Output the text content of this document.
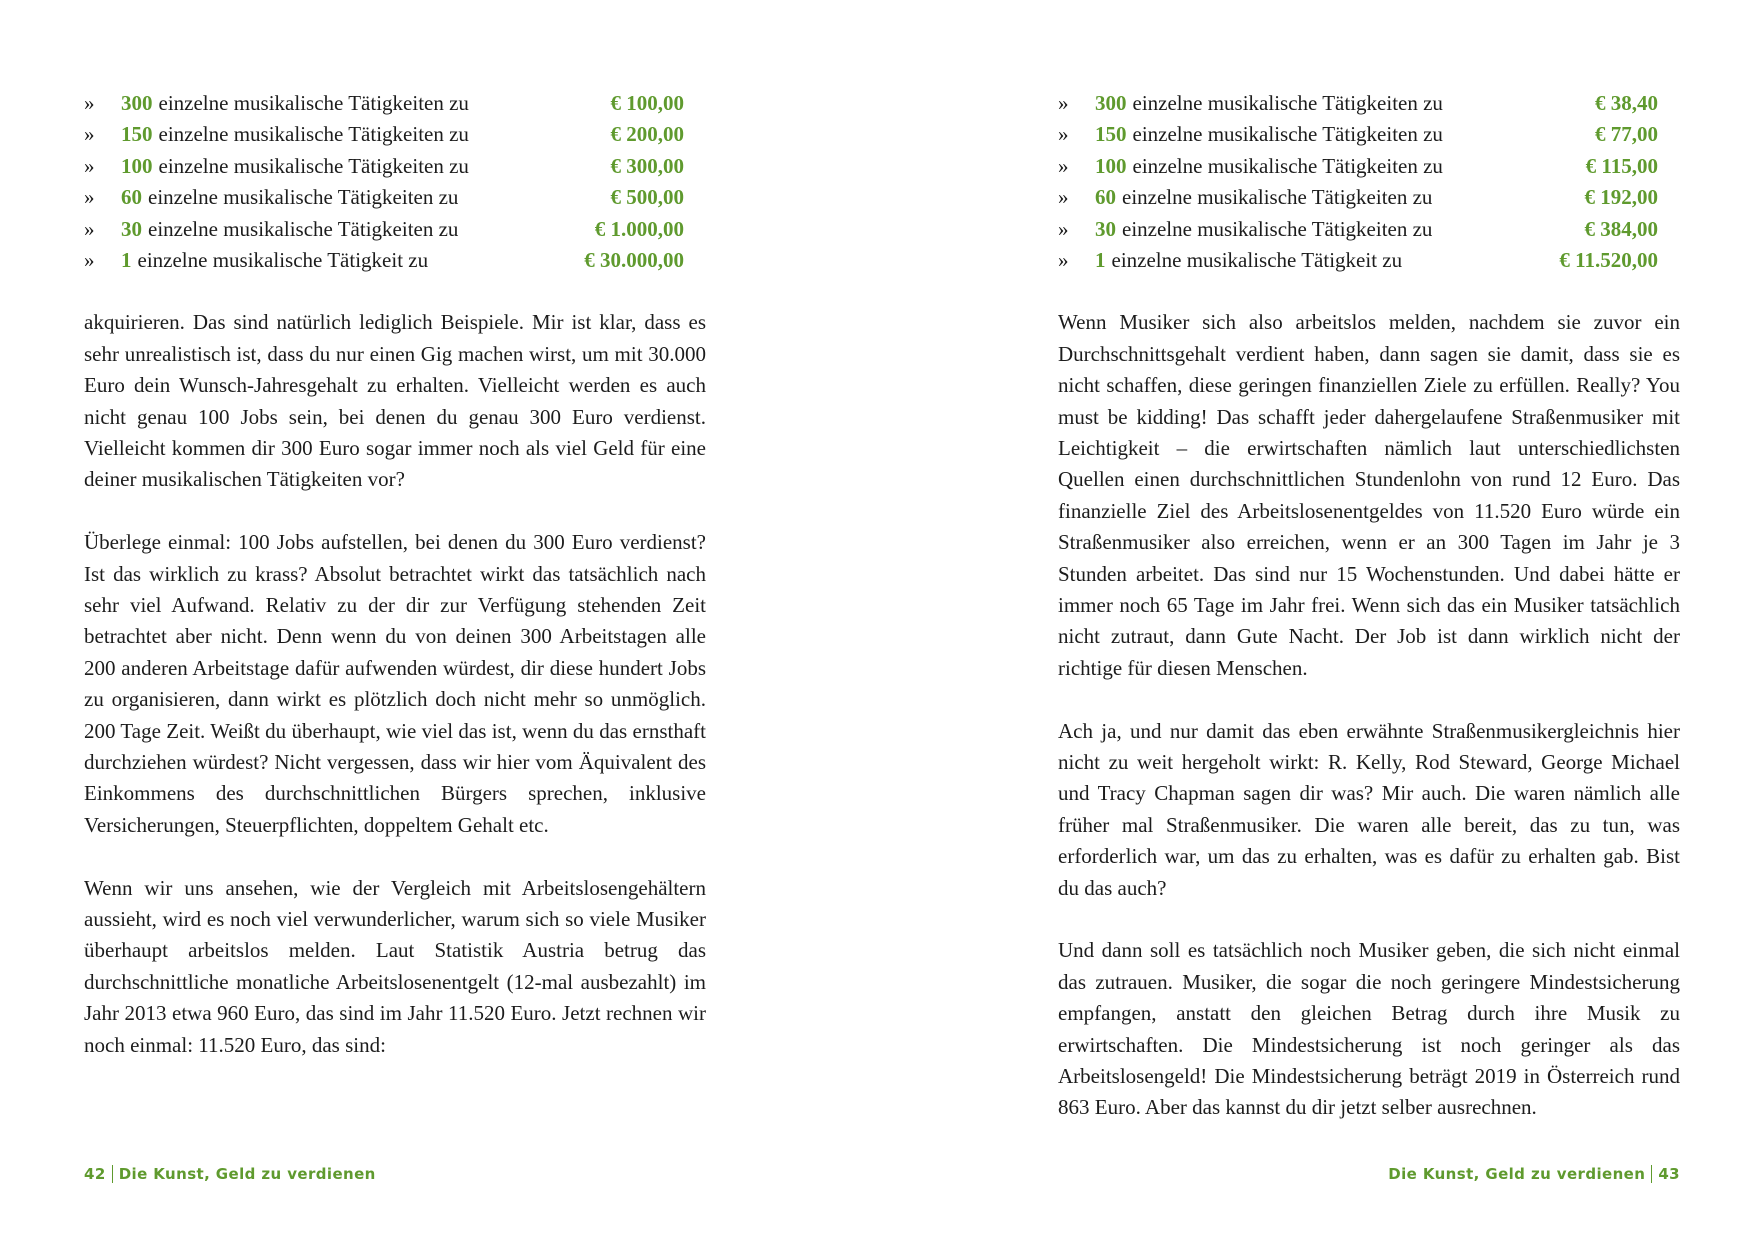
»	300 einzelne musikalische Tätigkeiten zu	€ 100,00
»	150 einzelne musikalische Tätigkeiten zu	€ 200,00
»	100 einzelne musikalische Tätigkeiten zu	€ 300,00
»	60 einzelne musikalische Tätigkeiten zu	€ 500,00
»	30 einzelne musikalische Tätigkeiten zu	€ 1.000,00
»	1 einzelne musikalische Tätigkeit zu	€ 30.000,00

akquirieren. Das sind natürlich lediglich Beispiele. Mir ist klar, dass es sehr unrealistisch ist, dass du nur einen Gig machen wirst, um mit 30.000 Euro dein Wunsch-Jahresgehalt zu erhalten. Vielleicht werden es auch nicht genau 100 Jobs sein, bei denen du genau 300 Euro verdienst. Vielleicht kommen dir 300 Euro sogar immer noch als viel Geld für eine deiner musikalischen Tätigkeiten vor?

Überlege einmal: 100 Jobs aufstellen, bei denen du 300 Euro verdienst? Ist das wirklich zu krass? Absolut betrachtet wirkt das tatsächlich nach sehr viel Aufwand. Relativ zu der dir zur Verfügung stehenden Zeit betrachtet aber nicht. Denn wenn du von deinen 300 Arbeitstagen alle 200 anderen Arbeitstage dafür aufwenden würdest, dir diese hundert Jobs zu organisieren, dann wirkt es plötzlich doch nicht mehr so unmöglich. 200 Tage Zeit. Weißt du überhaupt, wie viel das ist, wenn du das ernsthaft durchziehen würdest? Nicht vergessen, dass wir hier vom Äquivalent des Einkommens des durchschnittlichen Bürgers sprechen, inklusive Versicherungen, Steuerpflichten, doppeltem Gehalt etc.

Wenn wir uns ansehen, wie der Vergleich mit Arbeitslosengehältern aussieht, wird es noch viel verwunderlicher, warum sich so viele Musiker überhaupt arbeitslos melden. Laut Statistik Austria betrug das durchschnittliche monatliche Arbeitslosenentgelt (12-mal ausbezahlt) im Jahr 2013 etwa 960 Euro, das sind im Jahr 11.520 Euro. Jetzt rechnen wir noch einmal: 11.520 Euro, das sind:

42 Die Kunst, Geld zu verdienen
»	300 einzelne musikalische Tätigkeiten zu	€ 38,40
»	150 einzelne musikalische Tätigkeiten zu	€ 77,00
»	100 einzelne musikalische Tätigkeiten zu	€ 115,00
»	60 einzelne musikalische Tätigkeiten zu	€ 192,00
»	30 einzelne musikalische Tätigkeiten zu	€ 384,00
»	1 einzelne musikalische Tätigkeit zu	€ 11.520,00

Wenn Musiker sich also arbeitslos melden, nachdem sie zuvor ein Durchschnittsgehalt verdient haben, dann sagen sie damit, dass sie es nicht schaffen, diese geringen finanziellen Ziele zu erfüllen. Really? You must be kidding! Das schafft jeder dahergelaufene Straßenmusiker mit Leichtigkeit – die erwirtschaften nämlich laut unterschiedlichsten Quellen einen durchschnittlichen Stundenlohn von rund 12 Euro. Das finanzielle Ziel des Arbeitslosenentgeldes von 11.520 Euro würde ein Straßenmusiker also erreichen, wenn er an 300 Tagen im Jahr je 3 Stunden arbeitet. Das sind nur 15 Wochenstunden. Und dabei hätte er immer noch 65 Tage im Jahr frei. Wenn sich das ein Musiker tatsächlich nicht zutraut, dann Gute Nacht. Der Job ist dann wirklich nicht der richtige für diesen Menschen.

Ach ja, und nur damit das eben erwähnte Straßenmusikergleichnis hier nicht zu weit hergeholt wirkt: R. Kelly, Rod Steward, George Michael und Tracy Chapman sagen dir was? Mir auch. Die waren nämlich alle früher mal Straßenmusiker. Die waren alle bereit, das zu tun, was erforderlich war, um das zu erhalten, was es dafür zu erhalten gab. Bist du das auch?

Und dann soll es tatsächlich noch Musiker geben, die sich nicht einmal das zutrauen. Musiker, die sogar die noch geringere Mindestsicherung empfangen, anstatt den gleichen Betrag durch ihre Musik zu erwirtschaften. Die Mindestsicherung ist noch geringer als das Arbeitslosengeld! Die Mindestsicherung beträgt 2019 in Österreich rund 863 Euro. Aber das kannst du dir jetzt selber ausrechnen.

Die Kunst, Geld zu verdienen 43
